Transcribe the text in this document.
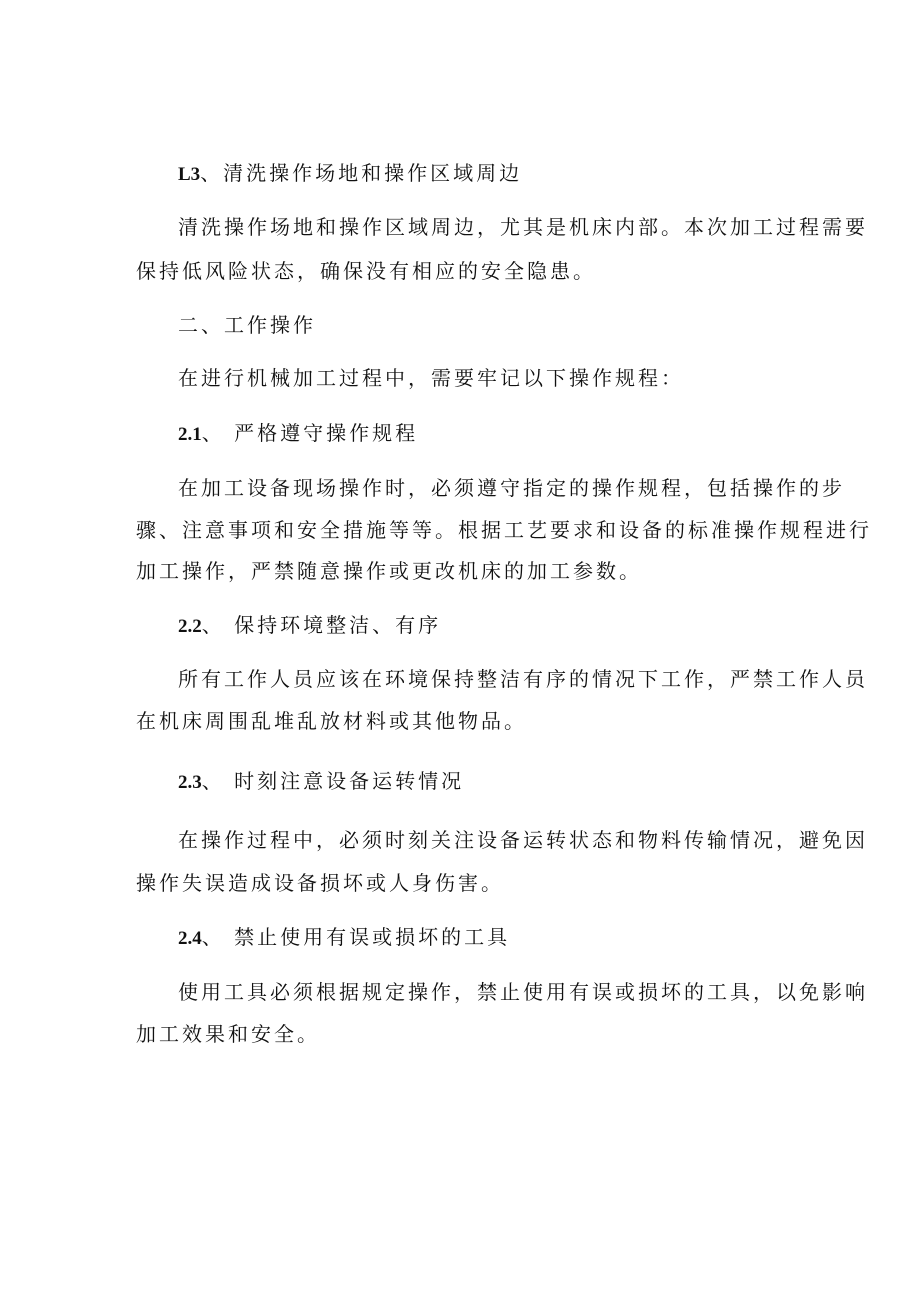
L3、清洗操作场地和操作区域周边
清洗操作场地和操作区域周边，尤其是机床内部。本次加工过程需要
保持低风险状态，确保没有相应的安全隐患。
二、工作操作
在进行机械加工过程中，需要牢记以下操作规程：
2.1、 严格遵守操作规程
在加工设备现场操作时，必须遵守指定的操作规程，包括操作的步
骤、注意事项和安全措施等等。根据工艺要求和设备的标准操作规程进行
加工操作，严禁随意操作或更改机床的加工参数。
2.2、 保持环境整洁、有序
所有工作人员应该在环境保持整洁有序的情况下工作，严禁工作人员
在机床周围乱堆乱放材料或其他物品。
2.3、 时刻注意设备运转情况
在操作过程中，必须时刻关注设备运转状态和物料传输情况，避免因
操作失误造成设备损坏或人身伤害。
2.4、 禁止使用有误或损坏的工具
使用工具必须根据规定操作，禁止使用有误或损坏的工具，以免影响
加工效果和安全。
